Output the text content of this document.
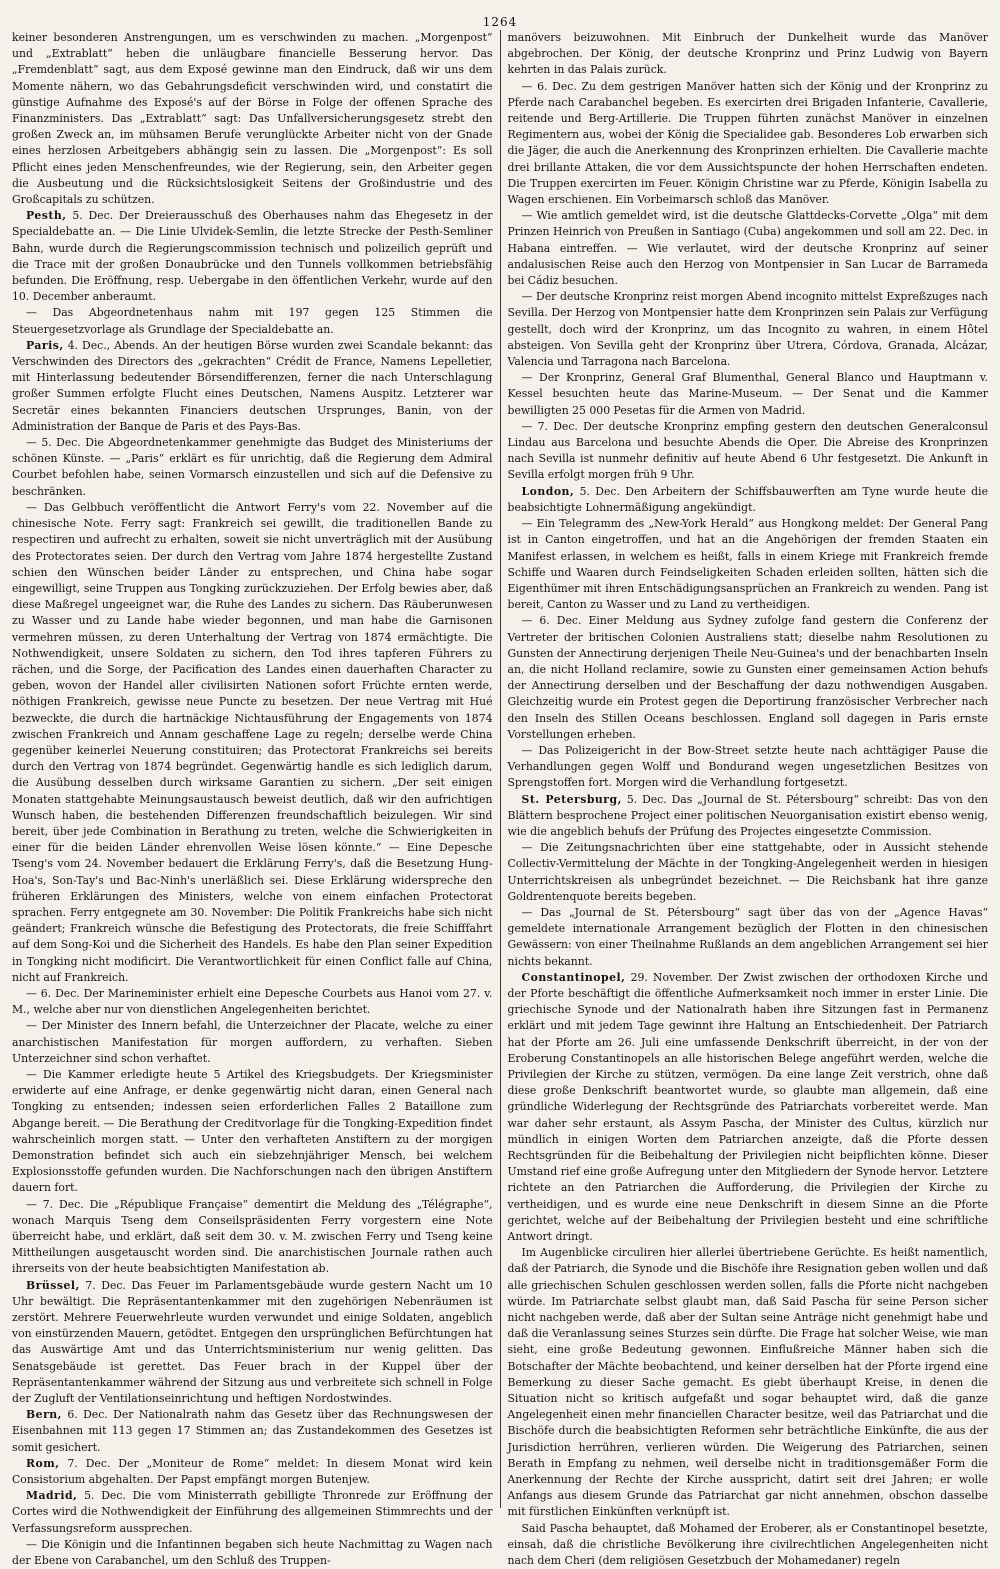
1264

keiner besonderen Anstrengungen, um es verschwinden zu machen. „Morgenpost“ und „Extrablatt“ heben die unläugbare financielle Besserung hervor. Das „Fremdenblatt“ sagt, aus dem Exposé gewinne man den Eindruck, daß wir uns dem Momente nähern, wo das Gebahrungsdeficit verschwinden wird, und constatirt die günstige Aufnahme des Exposé's auf der Börse in Folge der offenen Sprache des Finanzministers. Das „Extrablatt“ sagt: Das Unfallversicherungsgesetz strebt den großen Zweck an, im mühsamen Berufe verunglückte Arbeiter nicht von der Gnade eines herzlosen Arbeitgebers abhängig sein zu lassen. Die „Morgenpost“: Es soll Pflicht eines jeden Menschenfreundes, wie der Regierung, sein, den Arbeiter gegen die Ausbeutung und die Rücksichtslosigkeit Seitens der Großindustrie und des Großcapitals zu schützen.

Pesth, 5. Dec. Der Dreierausschuß des Oberhauses nahm das Ehegesetz in der Specialdebatte an. — Die Linie Ulvidek-Semlin, die letzte Strecke der Pesth-Semliner Bahn, wurde durch die Regierungscommission technisch und polizeilich geprüft und die Trace mit der großen Donaubrücke und den Tunnels vollkommen betriebsfähig befunden. Die Eröffnung, resp. Uebergabe in den öffentlichen Verkehr, wurde auf den 10. December anberaumt.

— Das Abgeordnetenhaus nahm mit 197 gegen 125 Stimmen die Steuergesetzvorlage als Grundlage der Specialdebatte an.

Paris, 4. Dec., Abends. An der heutigen Börse wurden zwei Scandale bekannt: das Verschwinden des Directors des „gekrachten“ Crédit de France, Namens Lepelletier, mit Hinterlassung bedeutender Börsendifferenzen, ferner die nach Unterschlagung großer Summen erfolgte Flucht eines Deutschen, Namens Auspitz. Letzterer war Secretär eines bekannten Financiers deutschen Ursprunges, Banin, von der Administration der Banque de Paris et des Pays-Bas.

— 5. Dec. Die Abgeordnetenkammer genehmigte das Budget des Ministeriums der schönen Künste. — „Paris“ erklärt es für unrichtig, daß die Regierung dem Admiral Courbet befohlen habe, seinen Vormarsch einzustellen und sich auf die Defensive zu beschränken.

— Das Gelbbuch veröffentlicht die Antwort Ferry's vom 22. November auf die chinesische Note. Ferry sagt: Frankreich sei gewillt, die traditionellen Bande zu respectiren und aufrecht zu erhalten, soweit sie nicht unverträglich mit der Ausübung des Protectorates seien. Der durch den Vertrag vom Jahre 1874 hergestellte Zustand schien den Wünschen beider Länder zu entsprechen, und China habe sogar eingewilligt, seine Truppen aus Tongking zurückzuziehen. Der Erfolg bewies aber, daß diese Maßregel ungeeignet war, die Ruhe des Landes zu sichern. Das Räuberunwesen zu Wasser und zu Lande habe wieder begonnen, und man habe die Garnisonen vermehren müssen, zu deren Unterhaltung der Vertrag von 1874 ermächtigte. Die Nothwendigkeit, unsere Soldaten zu sichern, den Tod ihres tapferen Führers zu rächen, und die Sorge, der Pacification des Landes einen dauerhaften Character zu geben, wovon der Handel aller civilisirten Nationen sofort Früchte ernten werde, nöthigen Frankreich, gewisse neue Puncte zu besetzen. Der neue Vertrag mit Hué bezweckte, die durch die hartnäckige Nichtausführung der Engagements von 1874 zwischen Frankreich und Annam geschaffene Lage zu regeln; derselbe werde China gegenüber keinerlei Neuerung constituiren; das Protectorat Frankreichs sei bereits durch den Vertrag von 1874 begründet. Gegenwärtig handle es sich lediglich darum, die Ausübung desselben durch wirksame Garantien zu sichern. „Der seit einigen Monaten stattgehabte Meinungsaustausch beweist deutlich, daß wir den aufrichtigen Wunsch haben, die bestehenden Differenzen freundschaftlich beizulegen. Wir sind bereit, über jede Combination in Berathung zu treten, welche die Schwierigkeiten in einer für die beiden Länder ehrenvollen Weise lösen könnte.“ — Eine Depesche Tseng's vom 24. November bedauert die Erklärung Ferry's, daß die Besetzung Hung-Hoa's, Son-Tay's und Bac-Ninh's unerläßlich sei. Diese Erklärung widerspreche den früheren Erklärungen des Ministers, welche von einem einfachen Protectorat sprachen. Ferry entgegnete am 30. November: Die Politik Frankreichs habe sich nicht geändert; Frankreich wünsche die Befestigung des Protectorats, die freie Schifffahrt auf dem Song-Koi und die Sicherheit des Handels. Es habe den Plan seiner Expedition in Tongking nicht modificirt. Die Verantwortlichkeit für einen Conflict falle auf China, nicht auf Frankreich.

— 6. Dec. Der Marineminister erhielt eine Depesche Courbets aus Hanoi vom 27. v. M., welche aber nur von dienstlichen Angelegenheiten berichtet.

— Der Minister des Innern befahl, die Unterzeichner der Placate, welche zu einer anarchistischen Manifestation für morgen auffordern, zu verhaften. Sieben Unterzeichner sind schon verhaftet.

— Die Kammer erledigte heute 5 Artikel des Kriegsbudgets. Der Kriegsminister erwiderte auf eine Anfrage, er denke gegenwärtig nicht daran, einen General nach Tongking zu entsenden; indessen seien erforderlichen Falles 2 Bataillone zum Abgange bereit. — Die Berathung der Creditvorlage für die Tongking-Expedition findet wahrscheinlich morgen statt. — Unter den verhafteten Anstiftern zu der morgigen Demonstration befindet sich auch ein siebzehnjähriger Mensch, bei welchem Explosionsstoffe gefunden wurden. Die Nachforschungen nach den übrigen Anstiftern dauern fort.

— 7. Dec. Die „République Française“ dementirt die Meldung des „Télégraphe“, wonach Marquis Tseng dem Conseilspräsidenten Ferry vorgestern eine Note überreicht habe, und erklärt, daß seit dem 30. v. M. zwischen Ferry und Tseng keine Mittheilungen ausgetauscht worden sind. Die anarchistischen Journale rathen auch ihrerseits von der heute beabsichtigten Manifestation ab.

Brüssel, 7. Dec. Das Feuer im Parlamentsgebäude wurde gestern Nacht um 10 Uhr bewältigt. Die Repräsentantenkammer mit den zugehörigen Nebenräumen ist zerstört. Mehrere Feuerwehrleute wurden verwundet und einige Soldaten, angeblich von einstürzenden Mauern, getödtet. Entgegen den ursprünglichen Befürchtungen hat das Auswärtige Amt und das Unterrichtsministerium nur wenig gelitten. Das Senatsgebäude ist gerettet. Das Feuer brach in der Kuppel über der Repräsentantenkammer während der Sitzung aus und verbreitete sich schnell in Folge der Zugluft der Ventilationseinrichtung und heftigen Nordostwindes.

Bern, 6. Dec. Der Nationalrath nahm das Gesetz über das Rechnungswesen der Eisenbahnen mit 113 gegen 17 Stimmen an; das Zustandekommen des Gesetzes ist somit gesichert.

Rom, 7. Dec. Der „Moniteur de Rome“ meldet: In diesem Monat wird kein Consistorium abgehalten. Der Papst empfängt morgen Butenjew.

Madrid, 5. Dec. Die vom Ministerrath gebilligte Thronrede zur Eröffnung der Cortes wird die Nothwendigkeit der Einführung des allgemeinen Stimmrechts und der Verfassungsreform aussprechen.

— Die Königin und die Infantinnen begaben sich heute Nachmittag zu Wagen nach der Ebene von Carabanchel, um den Schluß des Truppen-

manövers beizuwohnen. Mit Einbruch der Dunkelheit wurde das Manöver abgebrochen. Der König, der deutsche Kronprinz und Prinz Ludwig von Bayern kehrten in das Palais zurück.

— 6. Dec. Zu dem gestrigen Manöver hatten sich der König und der Kronprinz zu Pferde nach Carabanchel begeben. Es exercirten drei Brigaden Infanterie, Cavallerie, reitende und Berg-Artillerie. Die Truppen führten zunächst Manöver in einzelnen Regimentern aus, wobei der König die Specialidee gab. Besonderes Lob erwarben sich die Jäger, die auch die Anerkennung des Kronprinzen erhielten. Die Cavallerie machte drei brillante Attaken, die vor dem Aussichtspuncte der hohen Herrschaften endeten. Die Truppen exercirten im Feuer. Königin Christine war zu Pferde, Königin Isabella zu Wagen erschienen. Ein Vorbeimarsch schloß das Manöver.

— Wie amtlich gemeldet wird, ist die deutsche Glattdecks-Corvette „Olga“ mit dem Prinzen Heinrich von Preußen in Santiago (Cuba) angekommen und soll am 22. Dec. in Habana eintreffen. — Wie verlautet, wird der deutsche Kronprinz auf seiner andalusischen Reise auch den Herzog von Montpensier in San Lucar de Barrameda bei Cádiz besuchen.

— Der deutsche Kronprinz reist morgen Abend incognito mittelst Expreßzuges nach Sevilla. Der Herzog von Montpensier hatte dem Kronprinzen sein Palais zur Verfügung gestellt, doch wird der Kronprinz, um das Incognito zu wahren, in einem Hôtel absteigen. Von Sevilla geht der Kronprinz über Utrera, Córdova, Granada, Alcázar, Valencia und Tarragona nach Barcelona.

— Der Kronprinz, General Graf Blumenthal, General Blanco und Hauptmann v. Kessel besuchten heute das Marine-Museum. — Der Senat und die Kammer bewilligten 25 000 Pesetas für die Armen von Madrid.

— 7. Dec. Der deutsche Kronprinz empfing gestern den deutschen Generalconsul Lindau aus Barcelona und besuchte Abends die Oper. Die Abreise des Kronprinzen nach Sevilla ist nunmehr definitiv auf heute Abend 6 Uhr festgesetzt. Die Ankunft in Sevilla erfolgt morgen früh 9 Uhr.

London, 5. Dec. Den Arbeitern der Schiffsbauwerften am Tyne wurde heute die beabsichtigte Lohnermäßigung angekündigt.

— Ein Telegramm des „New-York Herald“ aus Hongkong meldet: Der General Pang ist in Canton eingetroffen, und hat an die Angehörigen der fremden Staaten ein Manifest erlassen, in welchem es heißt, falls in einem Kriege mit Frankreich fremde Schiffe und Waaren durch Feindseligkeiten Schaden erleiden sollten, hätten sich die Eigenthümer mit ihren Entschädigungsansprüchen an Frankreich zu wenden. Pang ist bereit, Canton zu Wasser und zu Land zu vertheidigen.

— 6. Dec. Einer Meldung aus Sydney zufolge fand gestern die Conferenz der Vertreter der britischen Colonien Australiens statt; dieselbe nahm Resolutionen zu Gunsten der Annectirung derjenigen Theile Neu-Guinea's und der benachbarten Inseln an, die nicht Holland reclamire, sowie zu Gunsten einer gemeinsamen Action behufs der Annectirung derselben und der Beschaffung der dazu nothwendigen Ausgaben. Gleichzeitig wurde ein Protest gegen die Deportirung französischer Verbrecher nach den Inseln des Stillen Oceans beschlossen. England soll dagegen in Paris ernste Vorstellungen erheben.

— Das Polizeigericht in der Bow-Street setzte heute nach achttägiger Pause die Verhandlungen gegen Wolff und Bondurand wegen ungesetzlichen Besitzes von Sprengstoffen fort. Morgen wird die Verhandlung fortgesetzt.

St. Petersburg, 5. Dec. Das „Journal de St. Pétersbourg“ schreibt: Das von den Blättern besprochene Project einer politischen Neuorganisation existirt ebenso wenig, wie die angeblich behufs der Prüfung des Projectes eingesetzte Commission.

— Die Zeitungsnachrichten über eine stattgehabte, oder in Aussicht stehende Collectiv-Vermittelung der Mächte in der Tongking-Angelegenheit werden in hiesigen Unterrichtskreisen als unbegründet bezeichnet. — Die Reichsbank hat ihre ganze Goldrentenquote bereits begeben.

— Das „Journal de St. Pétersbourg“ sagt über das von der „Agence Havas“ gemeldete internationale Arrangement bezüglich der Flotten in den chinesischen Gewässern: von einer Theilnahme Rußlands an dem angeblichen Arrangement sei hier nichts bekannt.

Constantinopel, 29. November. Der Zwist zwischen der orthodoxen Kirche und der Pforte beschäftigt die öffentliche Aufmerksamkeit noch immer in erster Linie. Die griechische Synode und der Nationalrath haben ihre Sitzungen fast in Permanenz erklärt und mit jedem Tage gewinnt ihre Haltung an Entschiedenheit. Der Patriarch hat der Pforte am 26. Juli eine umfassende Denkschrift überreicht, in der von der Eroberung Constantinopels an alle historischen Belege angeführt werden, welche die Privilegien der Kirche zu stützen, vermögen. Da eine lange Zeit verstrich, ohne daß diese große Denkschrift beantwortet wurde, so glaubte man allgemein, daß eine gründliche Widerlegung der Rechtsgründe des Patriarchats vorbereitet werde. Man war daher sehr erstaunt, als Assym Pascha, der Minister des Cultus, kürzlich nur mündlich in einigen Worten dem Patriarchen anzeigte, daß die Pforte dessen Rechtsgründen für die Beibehaltung der Privilegien nicht beipflichten könne. Dieser Umstand rief eine große Aufregung unter den Mitgliedern der Synode hervor. Letztere richtete an den Patriarchen die Aufforderung, die Privilegien der Kirche zu vertheidigen, und es wurde eine neue Denkschrift in diesem Sinne an die Pforte gerichtet, welche auf der Beibehaltung der Privilegien besteht und eine schriftliche Antwort dringt.

Im Augenblicke circuliren hier allerlei übertriebene Gerüchte. Es heißt namentlich, daß der Patriarch, die Synode und die Bischöfe ihre Resignation geben wollen und daß alle griechischen Schulen geschlossen werden sollen, falls die Pforte nicht nachgeben würde. Im Patriarchate selbst glaubt man, daß Said Pascha für seine Person sicher nicht nachgeben werde, daß aber der Sultan seine Anträge nicht genehmigt habe und daß die Veranlassung seines Sturzes sein dürfte. Die Frage hat solcher Weise, wie man sieht, eine große Bedeutung gewonnen. Einflußreiche Männer haben sich die Botschafter der Mächte beobachtend, und keiner derselben hat der Pforte irgend eine Bemerkung zu dieser Sache gemacht. Es giebt überhaupt Kreise, in denen die Situation nicht so kritisch aufgefaßt und sogar behauptet wird, daß die ganze Angelegenheit einen mehr financiellen Character besitze, weil das Patriarchat und die Bischöfe durch die beabsichtigten Reformen sehr beträchtliche Einkünfte, die aus der Jurisdiction herrühren, verlieren würden. Die Weigerung des Patriarchen, seinen Berath in Empfang zu nehmen, weil derselbe nicht in traditionsgemäßer Form die Anerkennung der Rechte der Kirche ausspricht, datirt seit drei Jahren; er wolle Anfangs aus diesem Grunde das Patriarchat gar nicht annehmen, obschon dasselbe mit fürstlichen Einkünften verknüpft ist.

Said Pascha behauptet, daß Mohamed der Eroberer, als er Constantinopel besetzte, einsah, daß die christliche Bevölkerung ihre civilrechtlichen Angelegenheiten nicht nach dem Cheri (dem religiösen Gesetzbuch der Mohamedaner) regeln
